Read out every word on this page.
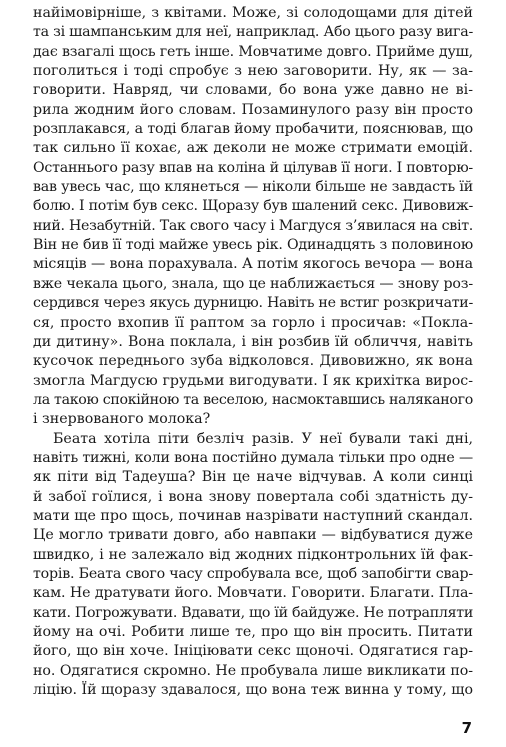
найімовірніше, з квітами. Може, зі солодощами для дітей
та зі шампанським для неї, наприклад. Або цього разу вига-
дає взагалі щось геть інше. Мовчатиме довго. Прийме душ,
поголиться і тоді спробує з нею заговорити. Ну, як — за-
говорити. Навряд, чи словами, бо вона уже давно не ві-
рила жодним його словам. Позаминулого разу він просто
розплакався, а тоді благав йому пробачити, пояснював, що
так сильно її кохає, аж деколи не може стримати емоцій.
Останнього разу впав на коліна й цілував її ноги. І повторю-
вав увесь час, що клянеться — ніколи більше не завдасть їй
болю. І потім був секс. Щоразу був шалений секс. Дивовиж-
ний. Незабутній. Так свого часу і Магдуся з’явилася на світ.
Він не бив її тоді майже увесь рік. Одинадцять з половиною
місяців — вона порахувала. А потім якогось вечора — вона
вже чекала цього, знала, що це наближається — знову роз-
сердився через якусь дурницю. Навіть не встиг розкричати-
ся, просто вхопив її раптом за горло і просичав: «Покла-
ди дитину». Вона поклала, і він розбив їй обличчя, навіть
кусочок переднього зуба відколовся. Дивовижно, як вона
змогла Магдусю грудьми вигодувати. І як крихітка вирос-
ла такою спокійною та веселою, насмоктавшись наляканого
і знервованого молока?
Беата хотіла піти безліч разів. У неї бували такі дні,
навіть тижні, коли вона постійно думала тільки про одне —
як піти від Тадеуша? Він це наче відчував. А коли синці
й забої гоїлися, і вона знову повертала собі здатність ду-
мати ще про щось, починав назрівати наступний скандал.
Це могло тривати довго, або навпаки — відбуватися дуже
швидко, і не залежало від жодних підконтрольних їй фак-
торів. Беата свого часу спробувала все, щоб запобігти свар-
кам. Не дратувати його. Мовчати. Говорити. Благати. Пла-
кати. Погрожувати. Вдавати, що їй байдуже. Не потрапляти
йому на очі. Робити лише те, про що він просить. Питати
його, що він хоче. Ініціювати секс щоночі. Одягатися гар-
но. Одягатися скромно. Не пробувала лише викликати по-
ліцію. Їй щоразу здавалося, що вона теж винна у тому, що
7
